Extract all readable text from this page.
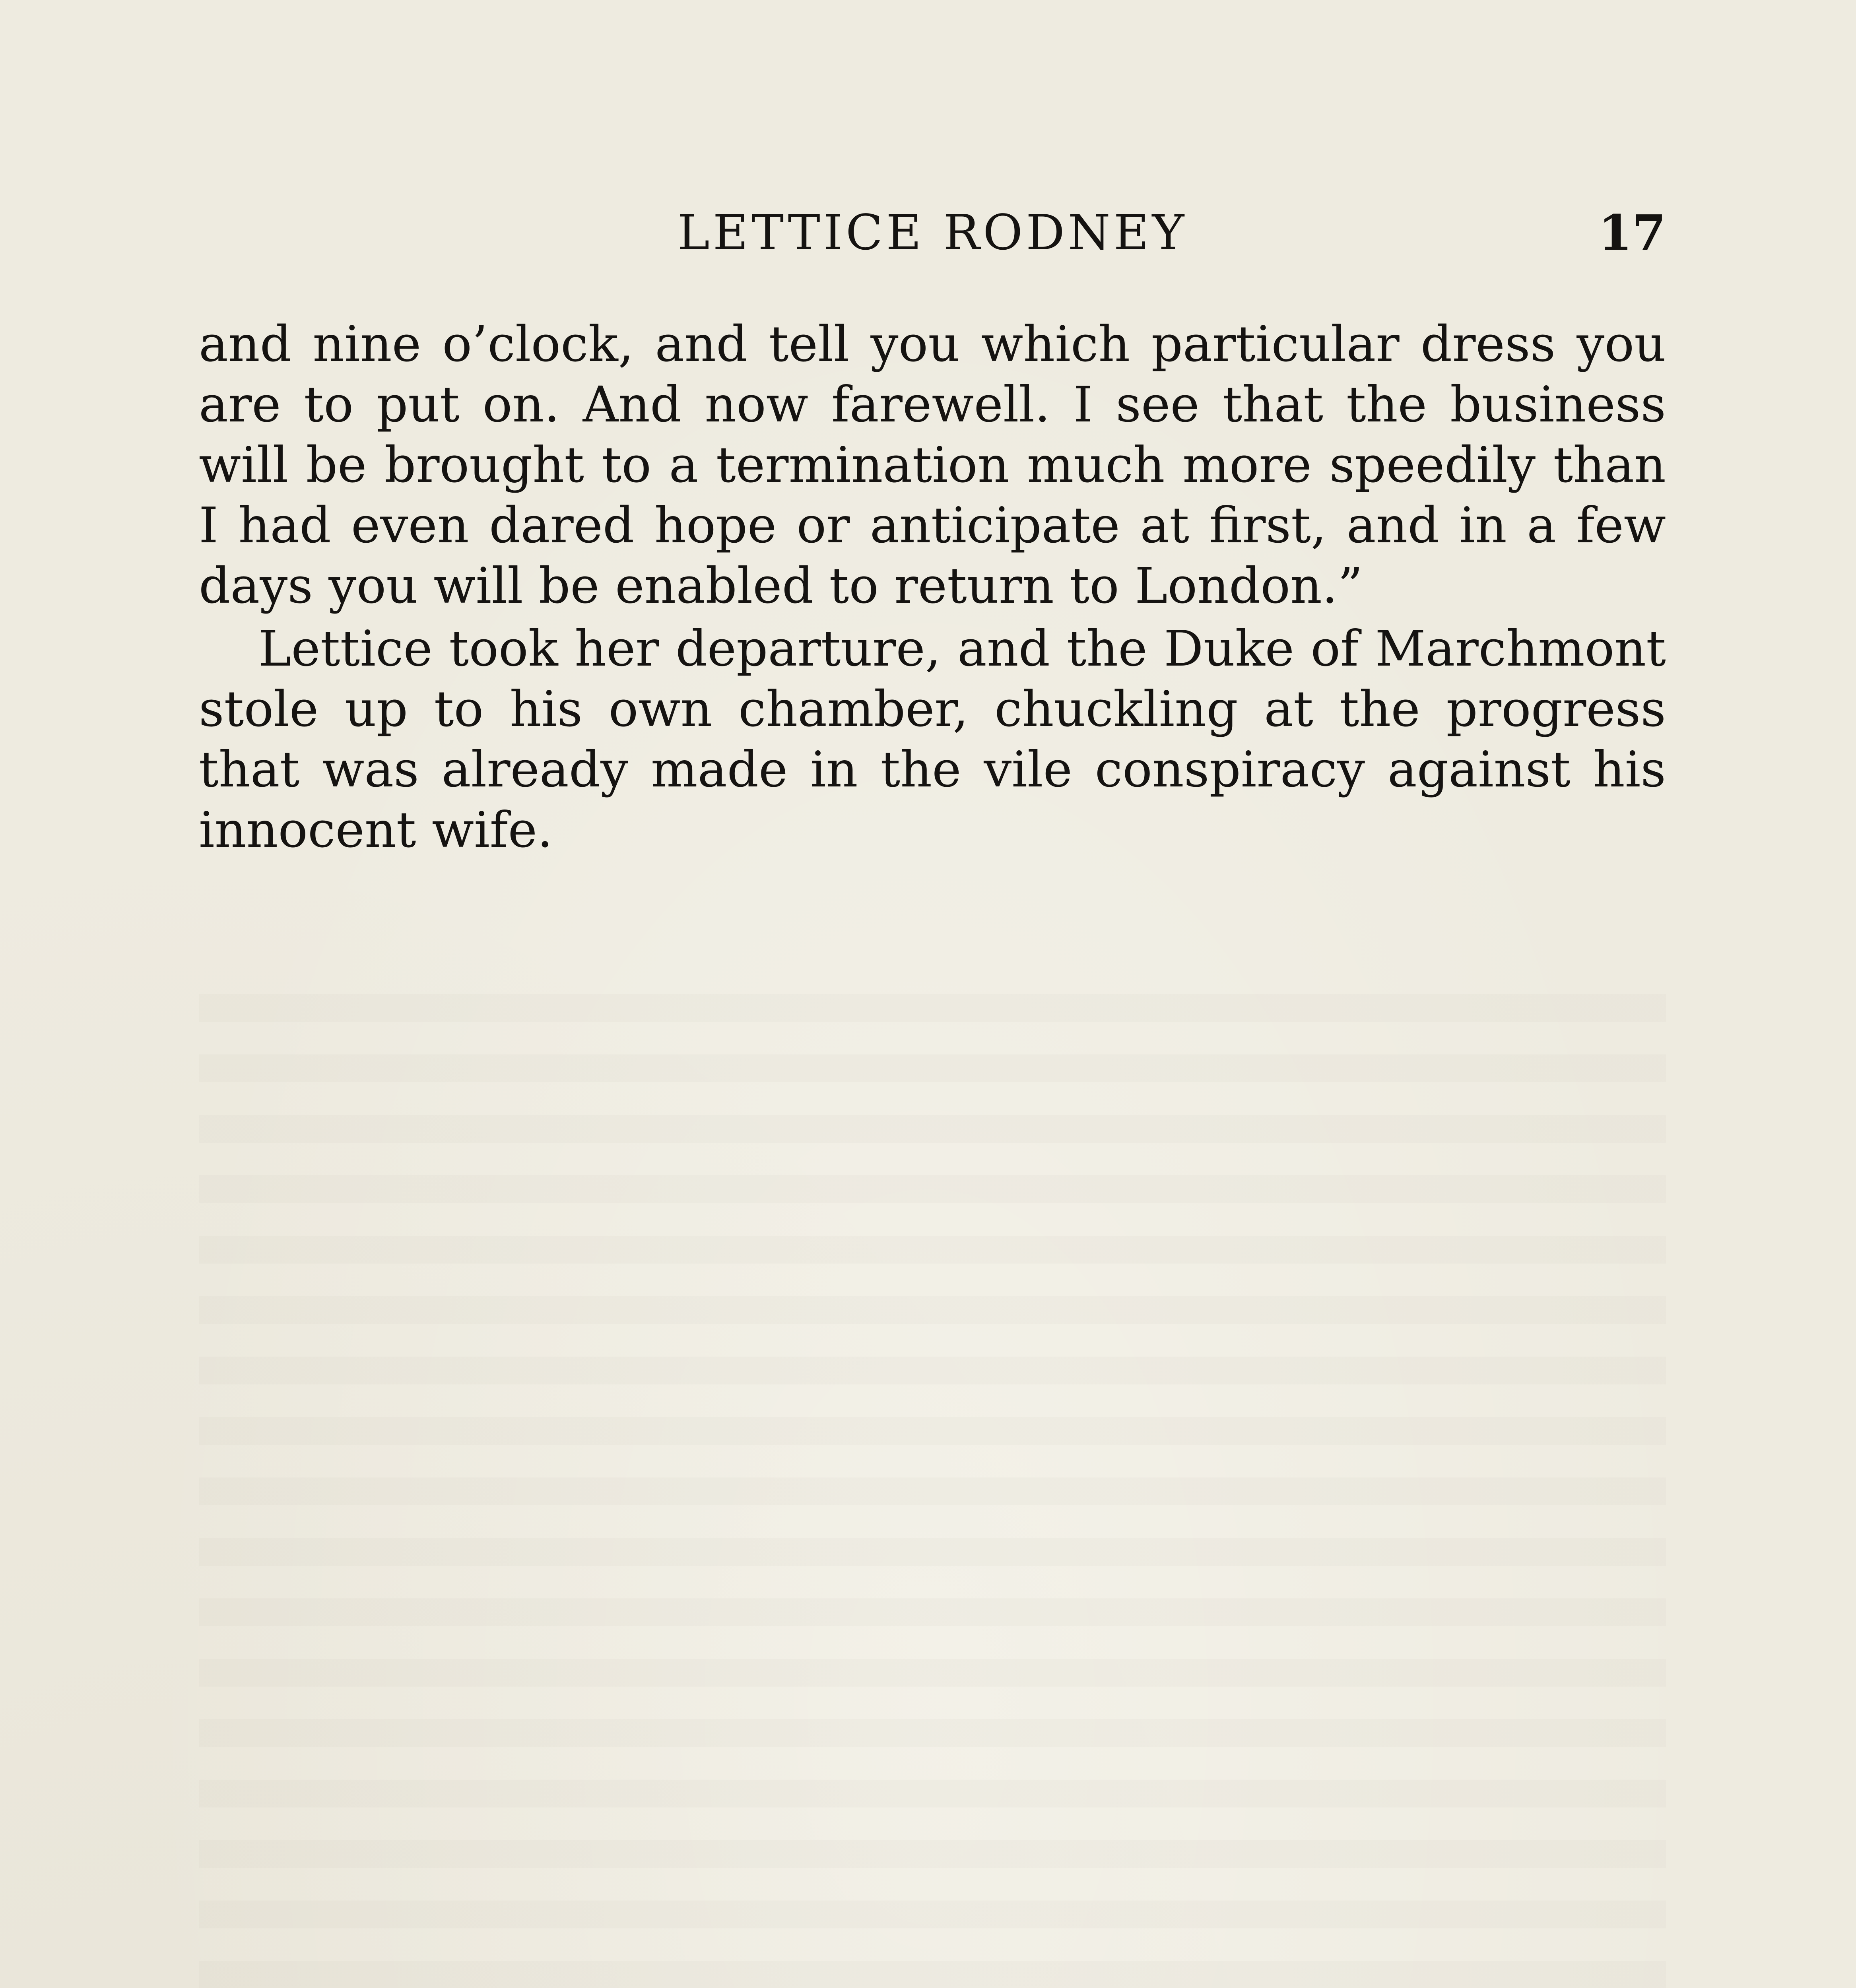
LETTICE RODNEY	17

and nine o’clock, and tell you which particular dress you are to put on. And now farewell. I see that the business will be brought to a termination much more speedily than I had even dared hope or anticipate at first, and in a few days you will be enabled to return to London.”

Lettice took her departure, and the Duke of Marchmont stole up to his own chamber, chuckling at the progress that was already made in the vile conspiracy against his innocent wife.
